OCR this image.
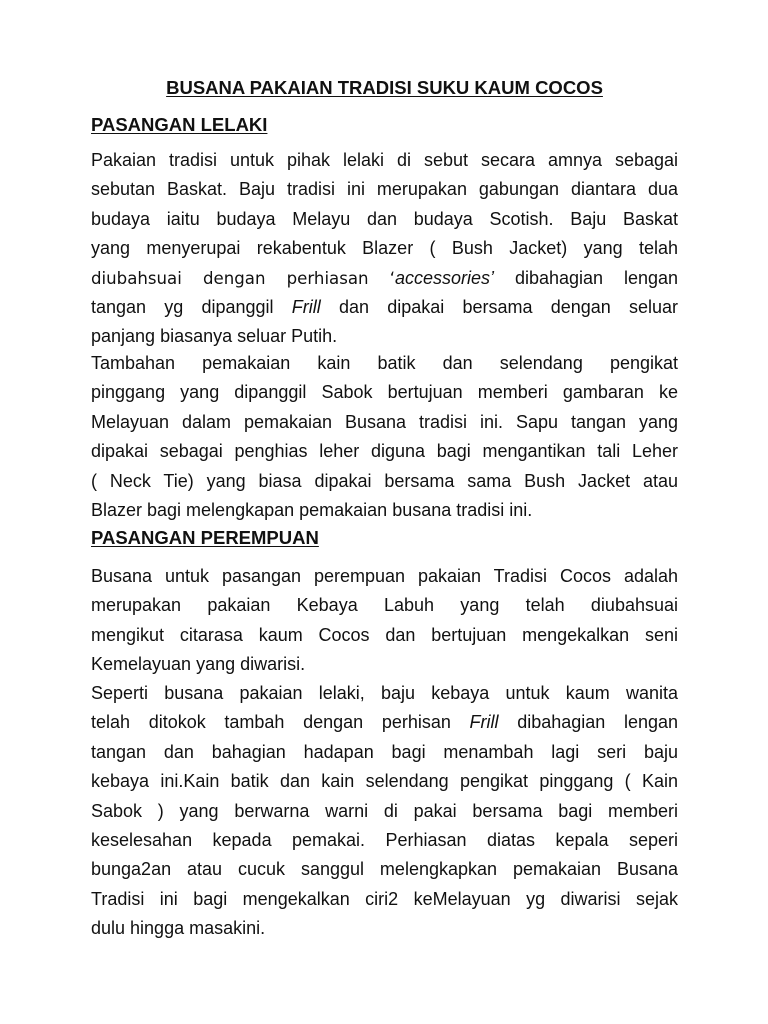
BUSANA PAKAIAN TRADISI SUKU KAUM COCOS
PASANGAN LELAKI
Pakaian tradisi untuk pihak lelaki di sebut secara amnya sebagai
sebutan Baskat. Baju tradisi ini merupakan gabungan diantara dua
budaya iaitu budaya Melayu dan budaya Scotish. Baju Baskat
yang menyerupai rekabentuk Blazer ( Bush Jacket) yang telah
diubahsuai dengan perhiasan ‘accessories’ dibahagian lengan
tangan yg dipanggil Frill dan dipakai bersama dengan seluar
panjang biasanya seluar Putih.
Tambahan pemakaian kain batik dan selendang pengikat
pinggang yang dipanggil Sabok bertujuan memberi gambaran ke
Melayuan dalam pemakaian Busana tradisi ini. Sapu tangan yang
dipakai sebagai penghias leher diguna bagi mengantikan tali Leher
( Neck Tie) yang biasa dipakai bersama sama Bush Jacket atau
Blazer bagi melengkapan pemakaian busana tradisi ini.
PASANGAN PEREMPUAN
Busana untuk pasangan perempuan pakaian Tradisi Cocos adalah
merupakan pakaian Kebaya Labuh yang telah diubahsuai
mengikut citarasa kaum Cocos dan bertujuan mengekalkan seni
Kemelayuan yang diwarisi.
Seperti busana pakaian lelaki, baju kebaya untuk kaum wanita
telah ditokok tambah dengan perhisan Frill dibahagian lengan
tangan dan bahagian hadapan bagi menambah lagi seri baju
kebaya ini.Kain batik dan kain selendang pengikat pinggang ( Kain
Sabok ) yang berwarna warni di pakai bersama bagi memberi
keselesahan kepada pemakai. Perhiasan diatas kepala seperi
bunga2an atau cucuk sanggul melengkapkan pemakaian Busana
Tradisi ini bagi mengekalkan ciri2 keMelayuan yg diwarisi sejak
dulu hingga masakini.
